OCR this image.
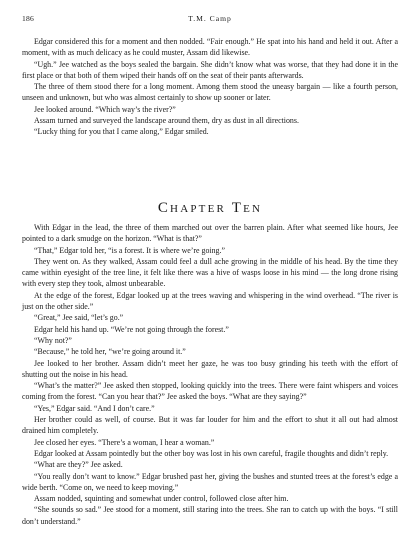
186	T.M. Camp

Edgar considered this for a moment and then nodded. “Fair enough.” He spat into his hand and held it out. After a moment, with as much delicacy as he could muster, Assam did likewise.

“Ugh.” Jee watched as the boys sealed the bargain. She didn’t know what was worse, that they had done it in the first place or that both of them wiped their hands off on the seat of their pants afterwards.

The three of them stood there for a long moment. Among them stood the uneasy bargain — like a fourth person, unseen and unknown, but who was almost certainly to show up sooner or later.

Jee looked around. “Which way’s the river?”

Assam turned and surveyed the landscape around them, dry as dust in all directions.

“Lucky thing for you that I came along,” Edgar smiled.

Chapter Ten

With Edgar in the lead, the three of them marched out over the barren plain. After what seemed like hours, Jee pointed to a dark smudge on the horizon. “What is that?”

“That,” Edgar told her, “is a forest. It is where we’re going.”

They went on. As they walked, Assam could feel a dull ache growing in the middle of his head. By the time they came within eyesight of the tree line, it felt like there was a hive of wasps loose in his mind — the long drone rising with every step they took, almost unbearable.

At the edge of the forest, Edgar looked up at the trees waving and whispering in the wind overhead. “The river is just on the other side.”

“Great,” Jee said, “let’s go.”

Edgar held his hand up. “We’re not going through the forest.”

“Why not?”

“Because,” he told her, “we’re going around it.”

Jee looked to her brother. Assam didn’t meet her gaze, he was too busy grinding his teeth with the effort of shutting out the noise in his head.

“What’s the matter?” Jee asked then stopped, looking quickly into the trees. There were faint whispers and voices coming from the forest. “Can you hear that?” Jee asked the boys. “What are they saying?”

“Yes,” Edgar said. “And I don’t care.”

Her brother could as well, of course. But it was far louder for him and the effort to shut it all out had almost drained him completely.

Jee closed her eyes. “There’s a woman, I hear a woman.”

Edgar looked at Assam pointedly but the other boy was lost in his own careful, fragile thoughts and didn’t reply.

“What are they?” Jee asked.

“You really don’t want to know.” Edgar brushed past her, giving the bushes and stunted trees at the forest’s edge a wide berth. “Come on, we need to keep moving.”

Assam nodded, squinting and somewhat under control, followed close after him.

“She sounds so sad.” Jee stood for a moment, still staring into the trees. She ran to catch up with the boys. “I still don’t understand.”
